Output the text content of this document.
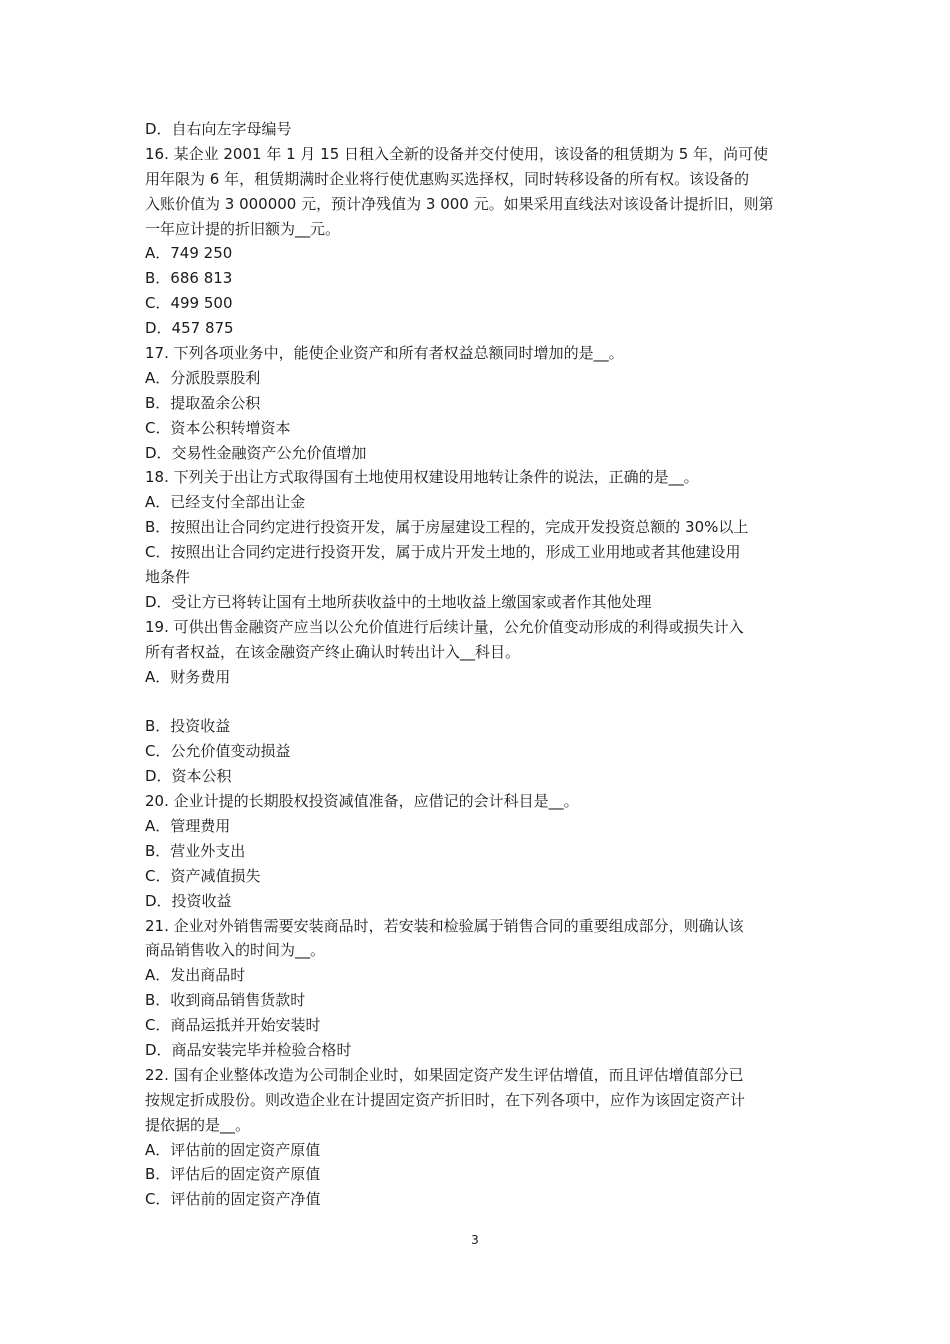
D．自右向左字母编号
16. 某企业 2001 年 1 月 15 日租入全新的设备并交付使用，该设备的租赁期为 5 年，尚可使
用年限为 6 年，租赁期满时企业将行使优惠购买选择权，同时转移设备的所有权。该设备的
入账价值为 3 000000 元，预计净残值为 3 000 元。如果采用直线法对该设备计提折旧，则第
一年应计提的折旧额为__元。
A．749 250
B．686 813
C．499 500
D．457 875
17. 下列各项业务中，能使企业资产和所有者权益总额同时增加的是__。
A．分派股票股利
B．提取盈余公积
C．资本公积转增资本
D．交易性金融资产公允价值增加
18. 下列关于出让方式取得国有土地使用权建设用地转让条件的说法，正确的是__。
A．已经支付全部出让金
B．按照出让合同约定进行投资开发，属于房屋建设工程的，完成开发投资总额的 30%以上
C．按照出让合同约定进行投资开发，属于成片开发土地的，形成工业用地或者其他建设用
地条件
D．受让方已将转让国有土地所获收益中的土地收益上缴国家或者作其他处理
19. 可供出售金融资产应当以公允价值进行后续计量，公允价值变动形成的利得或损失计入
所有者权益，在该金融资产终止确认时转出计入__科目。
A．财务费用
B．投资收益
C．公允价值变动损益
D．资本公积
20. 企业计提的长期股权投资减值准备，应借记的会计科目是__。
A．管理费用
B．营业外支出
C．资产减值损失
D．投资收益
21. 企业对外销售需要安装商品时，若安装和检验属于销售合同的重要组成部分，则确认该
商品销售收入的时间为__。
A．发出商品时
B．收到商品销售货款时
C．商品运抵并开始安装时
D．商品安装完毕并检验合格时
22. 国有企业整体改造为公司制企业时，如果固定资产发生评估增值，而且评估增值部分已
按规定折成股份。则改造企业在计提固定资产折旧时，在下列各项中，应作为该固定资产计
提依据的是__。
A．评估前的固定资产原值
B．评估后的固定资产原值
C．评估前的固定资产净值
3
